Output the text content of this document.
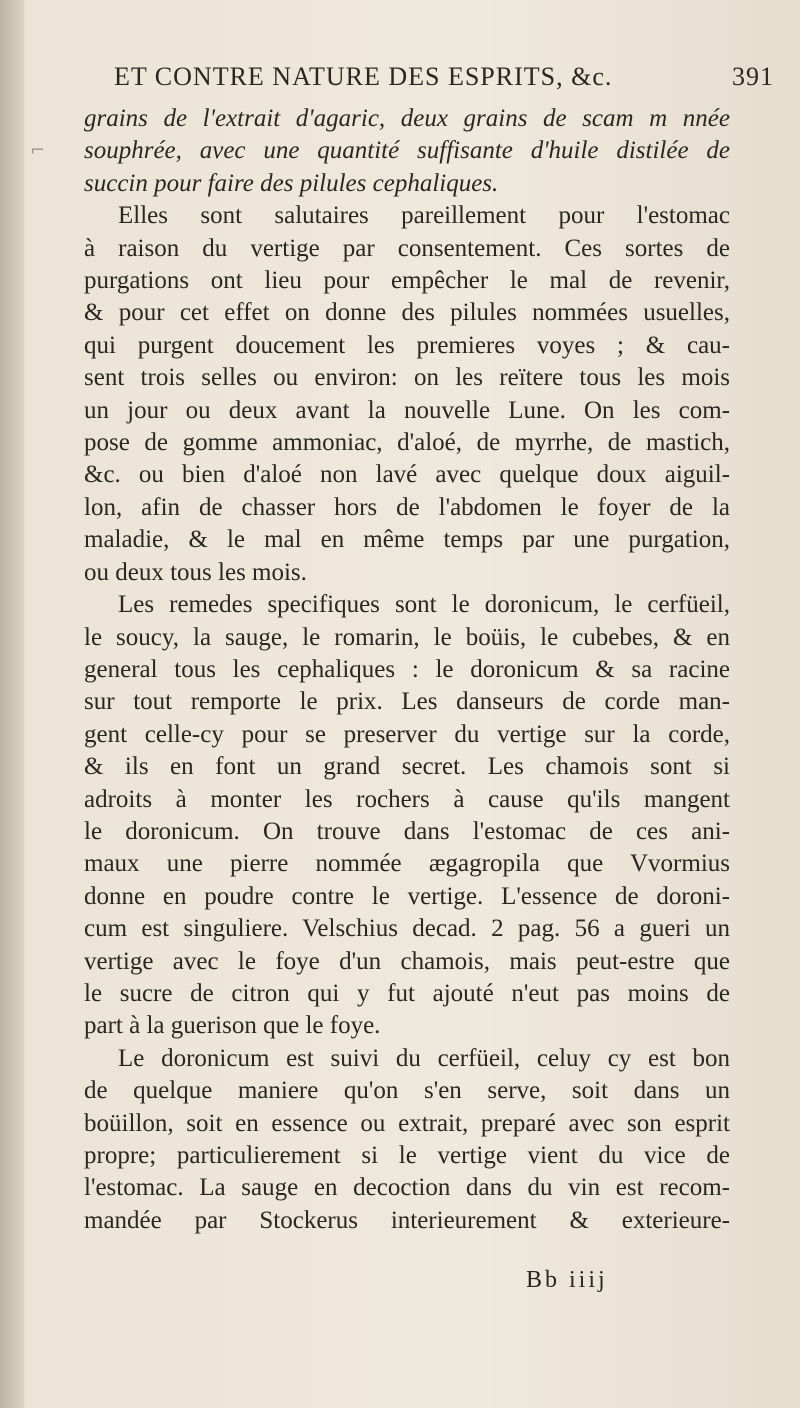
⌐
ET CONTRE NATURE DES ESPRITS, &c.	391
grains de l'extrait d'agaric, deux grains de scam m nnée
souphrée, avec une quantité suffisante d'huile distilée de
succin pour faire des pilules cephaliques.
Elles sont salutaires pareillement pour l'estomac
à raison du vertige par consentement. Ces sortes de
purgations ont lieu pour empêcher le mal de revenir,
& pour cet effet on donne des pilules nommées usuelles,
qui purgent doucement les premieres voyes ; & cau-
sent trois selles ou environ: on les reïtere tous les mois
un jour ou deux avant la nouvelle Lune. On les com-
pose de gomme ammoniac, d'aloé, de myrrhe, de mastich,
&c. ou bien d'aloé non lavé avec quelque doux aiguil-
lon, afin de chasser hors de l'abdomen le foyer de la
maladie, & le mal en même temps par une purgation,
ou deux tous les mois.
Les remedes specifiques sont le doronicum, le cerfüeil,
le soucy, la sauge, le romarin, le boüis, le cubebes, & en
general tous les cephaliques : le doronicum & sa racine
sur tout remporte le prix. Les danseurs de corde man-
gent celle-cy pour se preserver du vertige sur la corde,
& ils en font un grand secret. Les chamois sont si
adroits à monter les rochers à cause qu'ils mangent
le doronicum. On trouve dans l'estomac de ces ani-
maux une pierre nommée ægagropila que Vvormius
donne en poudre contre le vertige. L'essence de doroni-
cum est singuliere. Velschius decad. 2 pag. 56 a gueri un
vertige avec le foye d'un chamois, mais peut-estre que
le sucre de citron qui y fut ajouté n'eut pas moins de
part à la guerison que le foye.
Le doronicum est suivi du cerfüeil, celuy cy est bon
de quelque maniere qu'on s'en serve, soit dans un
boüillon, soit en essence ou extrait, preparé avec son esprit
propre; particulierement si le vertige vient du vice de
l'estomac. La sauge en decoction dans du vin est recom-
mandée par Stockerus interieurement & exterieure-
Bb iiij
